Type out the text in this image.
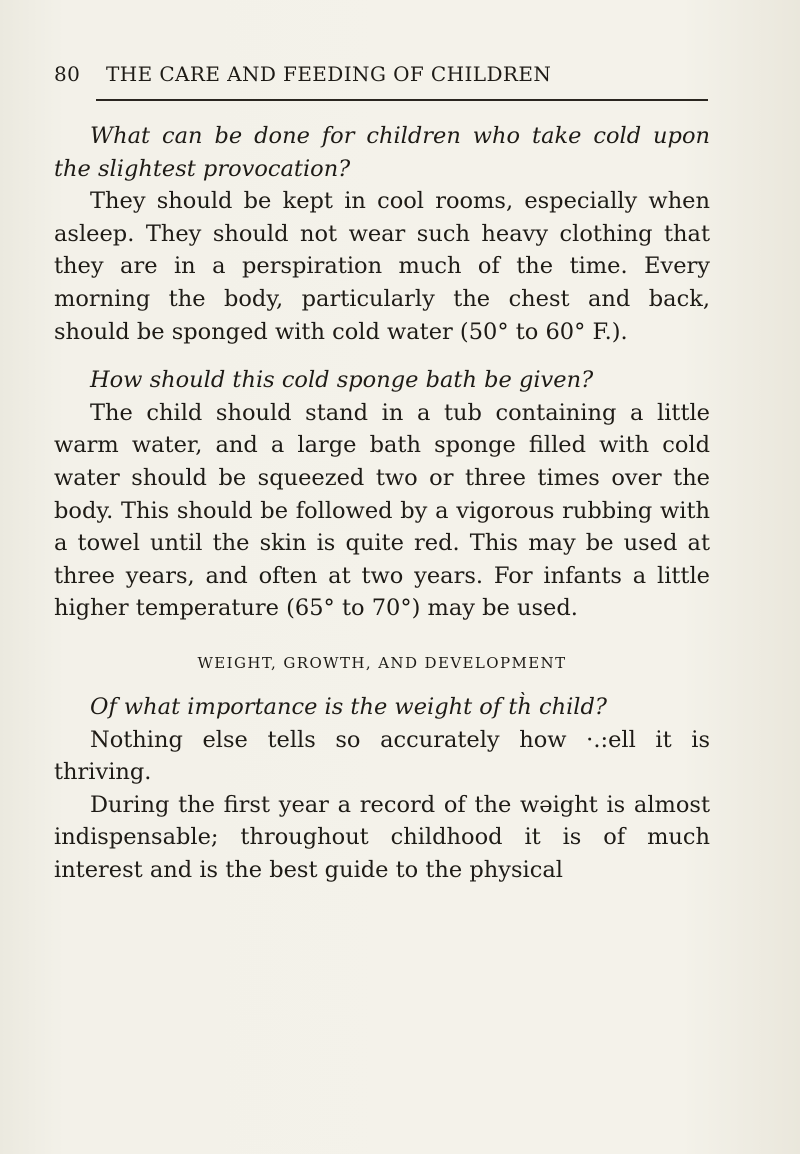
80 THE CARE AND FEEDING OF CHILDREN

What can be done for children who take cold upon the slightest provocation?

They should be kept in cool rooms, especially when asleep. They should not wear such heavy clothing that they are in a perspiration much of the time. Every morning the body, particularly the chest and back, should be sponged with cold water (50° to 60° F.).

How should this cold sponge bath be given?

The child should stand in a tub containing a little warm water, and a large bath sponge filled with cold water should be squeezed two or three times over the body. This should be followed by a vigorous rubbing with a towel until the skin is quite red. This may be used at three years, and often at two years. For infants a little higher temperature (65° to 70°) may be used.

WEIGHT, GROWTH, AND DEVELOPMENT

Of what importance is the weight of th̀ child?

Nothing else tells so accurately how ·.:ell it is thriving.

During the first year a record of the wəight is almost indispensable; throughout childhood it is of much interest and is the best guide to the physical
